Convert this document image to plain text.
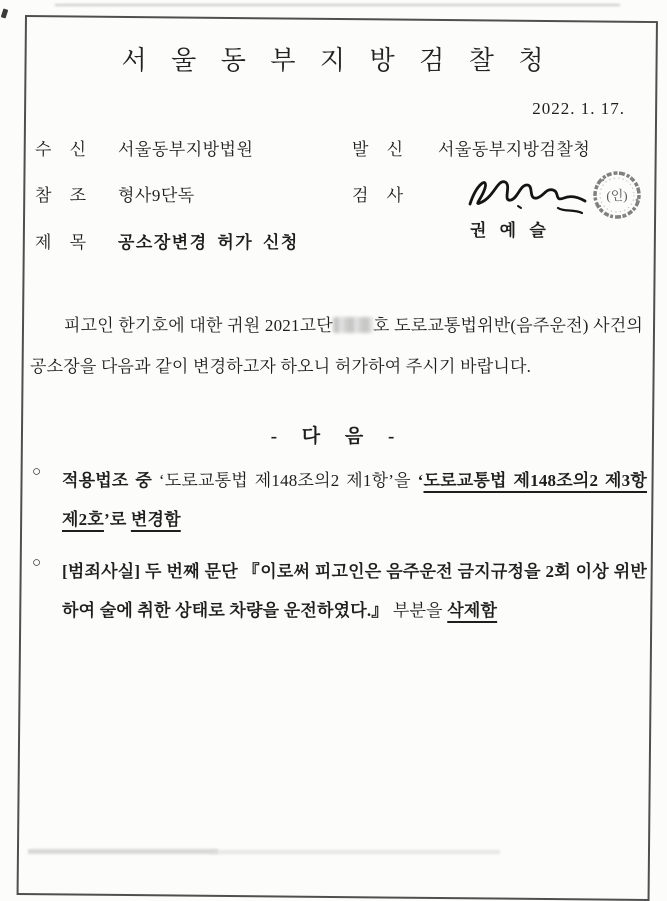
서 울 동 부 지 방 검 찰 청
2022. 1. 17.
수 신 서울동부지방법원	발 신 서울동부지방검찰청
참 조 형사9단독	검 사	(인)
권 예 슬
제 목 공소장변경 허가 신청

피고인 한기호에 대한 귀원 2021고단 호 도로교통법위반(음주운전) 사건의 공소장을 다음과 같이 변경하고자 하오니 허가하여 주시기 바랍니다.

- 다 음 -
○	적용법조 중 ‘도로교통법 제148조의2 제1항’을 ‘도로교통법 제148조의2 제3항 제2호’로 변경함
○	[범죄사실] 두 번째 문단 『이로써 피고인은 음주운전 금지규정을 2회 이상 위반하여 술에 취한 상태로 차량을 운전하였다.』 부분을 삭제함
